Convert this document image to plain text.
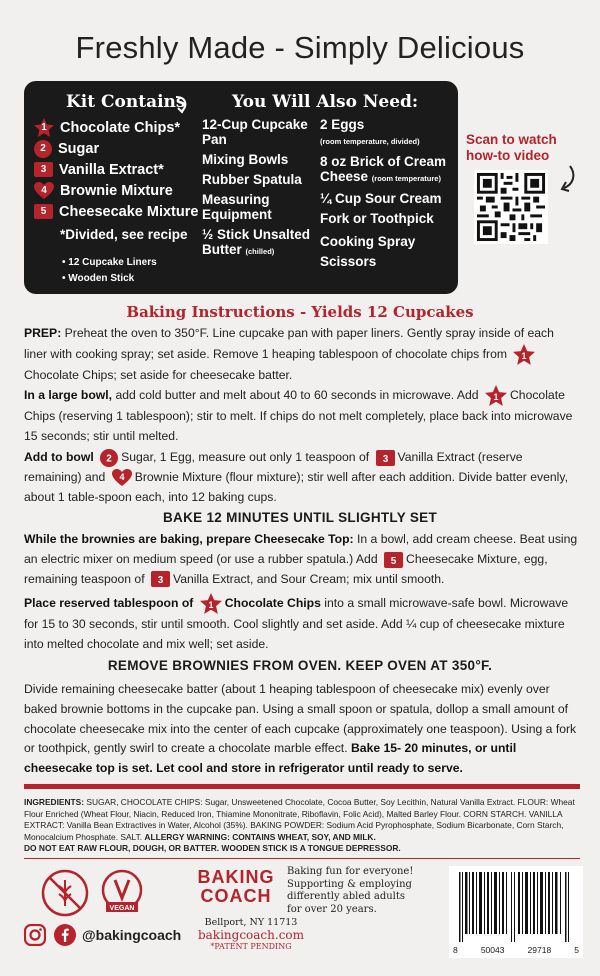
Freshly Made - Simply Delicious
Kit Contains
1 Chocolate Chips*
2 Sugar
3 Vanilla Extract*
4 Brownie Mixture
5 Cheesecake Mixture
*Divided, see recipe
• 12 Cupcake Liners
• Wooden Stick
You Will Also Need:
12-Cup Cupcake Pan
Mixing Bowls
Rubber Spatula
Measuring Equipment
½ Stick Unsalted Butter (chilled)
2 Eggs
(room temperature, divided)
8 oz Brick of Cream Cheese (room temperature)
¼ Cup Sour Cream
Fork or Toothpick
Cooking Spray
Scissors
Scan to watch how-to video
Baking Instructions - Yields 12 Cupcakes
PREP: Preheat the oven to 350°F. Line cupcake pan with paper liners. Gently spray inside of each liner with cooking spray; set aside. Remove 1 heaping tablespoon of chocolate chips from 1
Chocolate Chips; set aside for cheesecake batter.
In a large bowl, add cold butter and melt about 40 to 60 seconds in microwave. Add 1 Chocolate Chips (reserving 1 tablespoon); stir to melt. If chips do not melt completely, place back into microwave 15 seconds; stir until melted.
Add to bowl 2 Sugar, 1 Egg, measure out only 1 teaspoon of 3 Vanilla Extract (reserve remaining) and 4 Brownie Mixture (flour mixture); stir well after each addition. Divide batter evenly, about 1 table-spoon each, into 12 baking cups.
BAKE 12 MINUTES UNTIL SLIGHTLY SET
While the brownies are baking, prepare Cheesecake Top: In a bowl, add cream cheese. Beat using an electric mixer on medium speed (or use a rubber spatula.) Add 5 Cheesecake Mixture, egg, remaining teaspoon of 3 Vanilla Extract, and Sour Cream; mix until smooth.
Place reserved tablespoon of 1 Chocolate Chips into a small microwave-safe bowl. Microwave for 15 to 30 seconds, stir until smooth. Cool slightly and set aside. Add ¼ cup of cheesecake mixture into melted chocolate and mix well; set aside.
REMOVE BROWNIES FROM OVEN. KEEP OVEN AT 350°F.
Divide remaining cheesecake batter (about 1 heaping tablespoon of cheesecake mix) evenly over baked brownie bottoms in the cupcake pan. Using a small spoon or spatula, dollop a small amount of chocolate cheesecake mix into the center of each cupcake (approximately one teaspoon). Using a fork or toothpick, gently swirl to create a chocolate marble effect. Bake 15- 20 minutes, or until cheesecake top is set. Let cool and store in refrigerator until ready to serve.
INGREDIENTS: SUGAR, CHOCOLATE CHIPS: Sugar, Unsweetened Chocolate, Cocoa Butter, Soy Lecithin, Natural Vanilla Extract. FLOUR: Wheat Flour Enriched (Wheat Flour, Niacin, Reduced Iron, Thiamine Mononitrate, Riboflavin, Folic Acid), Malted Barley Flour. CORN STARCH. VANILLA EXTRACT: Vanilla Bean Extractives in Water, Alcohol (35%). BAKING POWDER: Sodium Acid Pyrophosphate, Sodium Bicarbonate, Corn Starch, Monocalcium Phosphate. SALT. ALLERGY WARNING: CONTAINS WHEAT, SOY, AND MILK.
DO NOT EAT RAW FLOUR, DOUGH, OR BATTER. WOODEN STICK IS A TONGUE DEPRESSOR.
VEGAN
@bakingcoach
BAKING
COACH
Bellport, NY 11713
bakingcoach.com
*PATENT PENDING
Baking fun for everyone! Supporting & employing differently abled adults for over 20 years.
8	50043	29718	5
